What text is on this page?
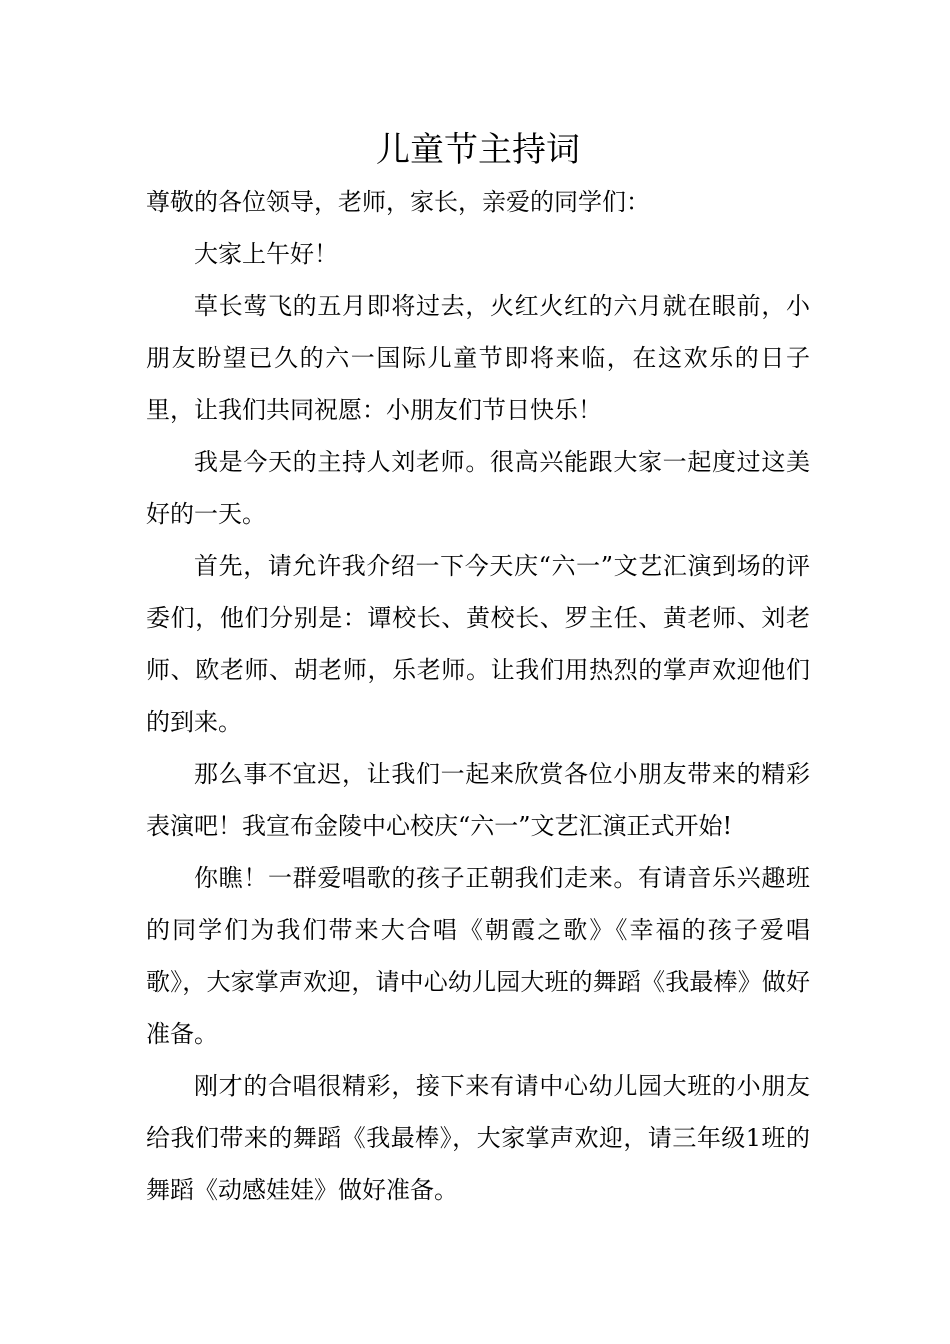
儿童节主持词

尊敬的各位领导，老师，家长，亲爱的同学们：

大家上午好！

草长莺飞的五月即将过去，火红火红的六月就在眼前，小朋友盼望已久的六一国际儿童节即将来临，在这欢乐的日子里，让我们共同祝愿：小朋友们节日快乐！

我是今天的主持人刘老师。很高兴能跟大家一起度过这美好的一天。

首先，请允许我介绍一下今天庆“六一”文艺汇演到场的评委们，他们分别是：谭校长、黄校长、罗主任、黄老师、刘老师、欧老师、胡老师，乐老师。让我们用热烈的掌声欢迎他们的到来。

那么事不宜迟，让我们一起来欣赏各位小朋友带来的精彩表演吧！我宣布金陵中心校庆“六一”文艺汇演正式开始!

你瞧！一群爱唱歌的孩子正朝我们走来。有请音乐兴趣班的同学们为我们带来大合唱《朝霞之歌》《幸福的孩子爱唱歌》，大家掌声欢迎，请中心幼儿园大班的舞蹈《我最棒》做好准备。

刚才的合唱很精彩，接下来有请中心幼儿园大班的小朋友给我们带来的舞蹈《我最棒》，大家掌声欢迎，请三年级1班的舞蹈《动感娃娃》做好准备。
